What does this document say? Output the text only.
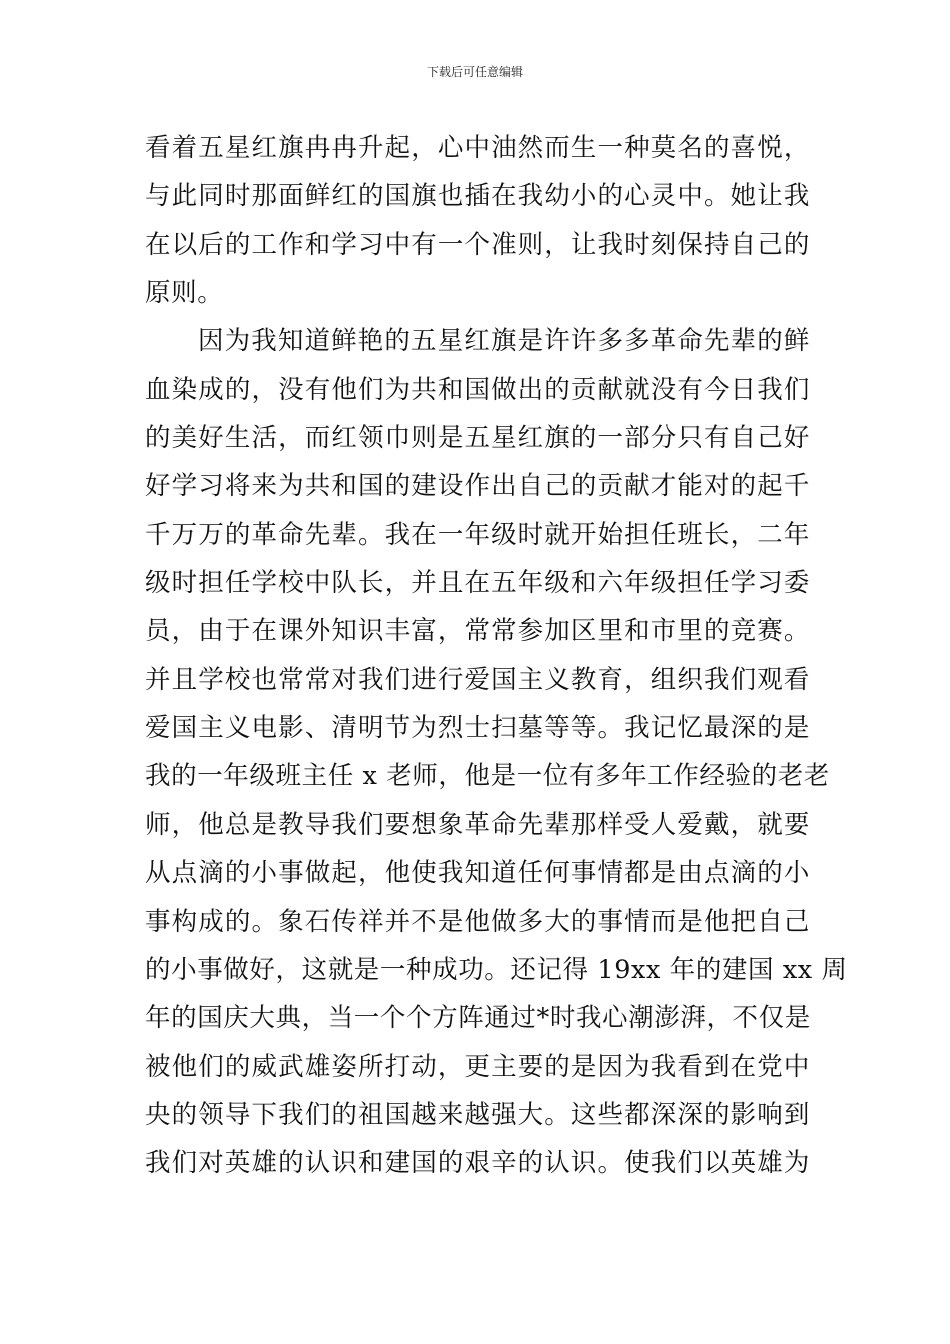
下载后可任意编辑
看着五星红旗冉冉升起，心中油然而生一种莫名的喜悦，
与此同时那面鲜红的国旗也插在我幼小的心灵中。她让我
在以后的工作和学习中有一个准则，让我时刻保持自己的
原则。
因为我知道鲜艳的五星红旗是许许多多革命先辈的鲜
血染成的，没有他们为共和国做出的贡献就没有今日我们
的美好生活，而红领巾则是五星红旗的一部分只有自己好
好学习将来为共和国的建设作出自己的贡献才能对的起千
千万万的革命先辈。我在一年级时就开始担任班长，二年
级时担任学校中队长，并且在五年级和六年级担任学习委
员，由于在课外知识丰富，常常参加区里和市里的竞赛。
并且学校也常常对我们进行爱国主义教育，组织我们观看
爱国主义电影、清明节为烈士扫墓等等。我记忆最深的是
我的一年级班主任 x 老师，他是一位有多年工作经验的老老
师，他总是教导我们要想象革命先辈那样受人爱戴，就要
从点滴的小事做起，他使我知道任何事情都是由点滴的小
事构成的。象石传祥并不是他做多大的事情而是他把自己
的小事做好，这就是一种成功。还记得 19xx 年的建国 xx 周
年的国庆大典，当一个个方阵通过*时我心潮澎湃，不仅是
被他们的威武雄姿所打动，更主要的是因为我看到在党中
央的领导下我们的祖国越来越强大。这些都深深的影响到
我们对英雄的认识和建国的艰辛的认识。使我们以英雄为
